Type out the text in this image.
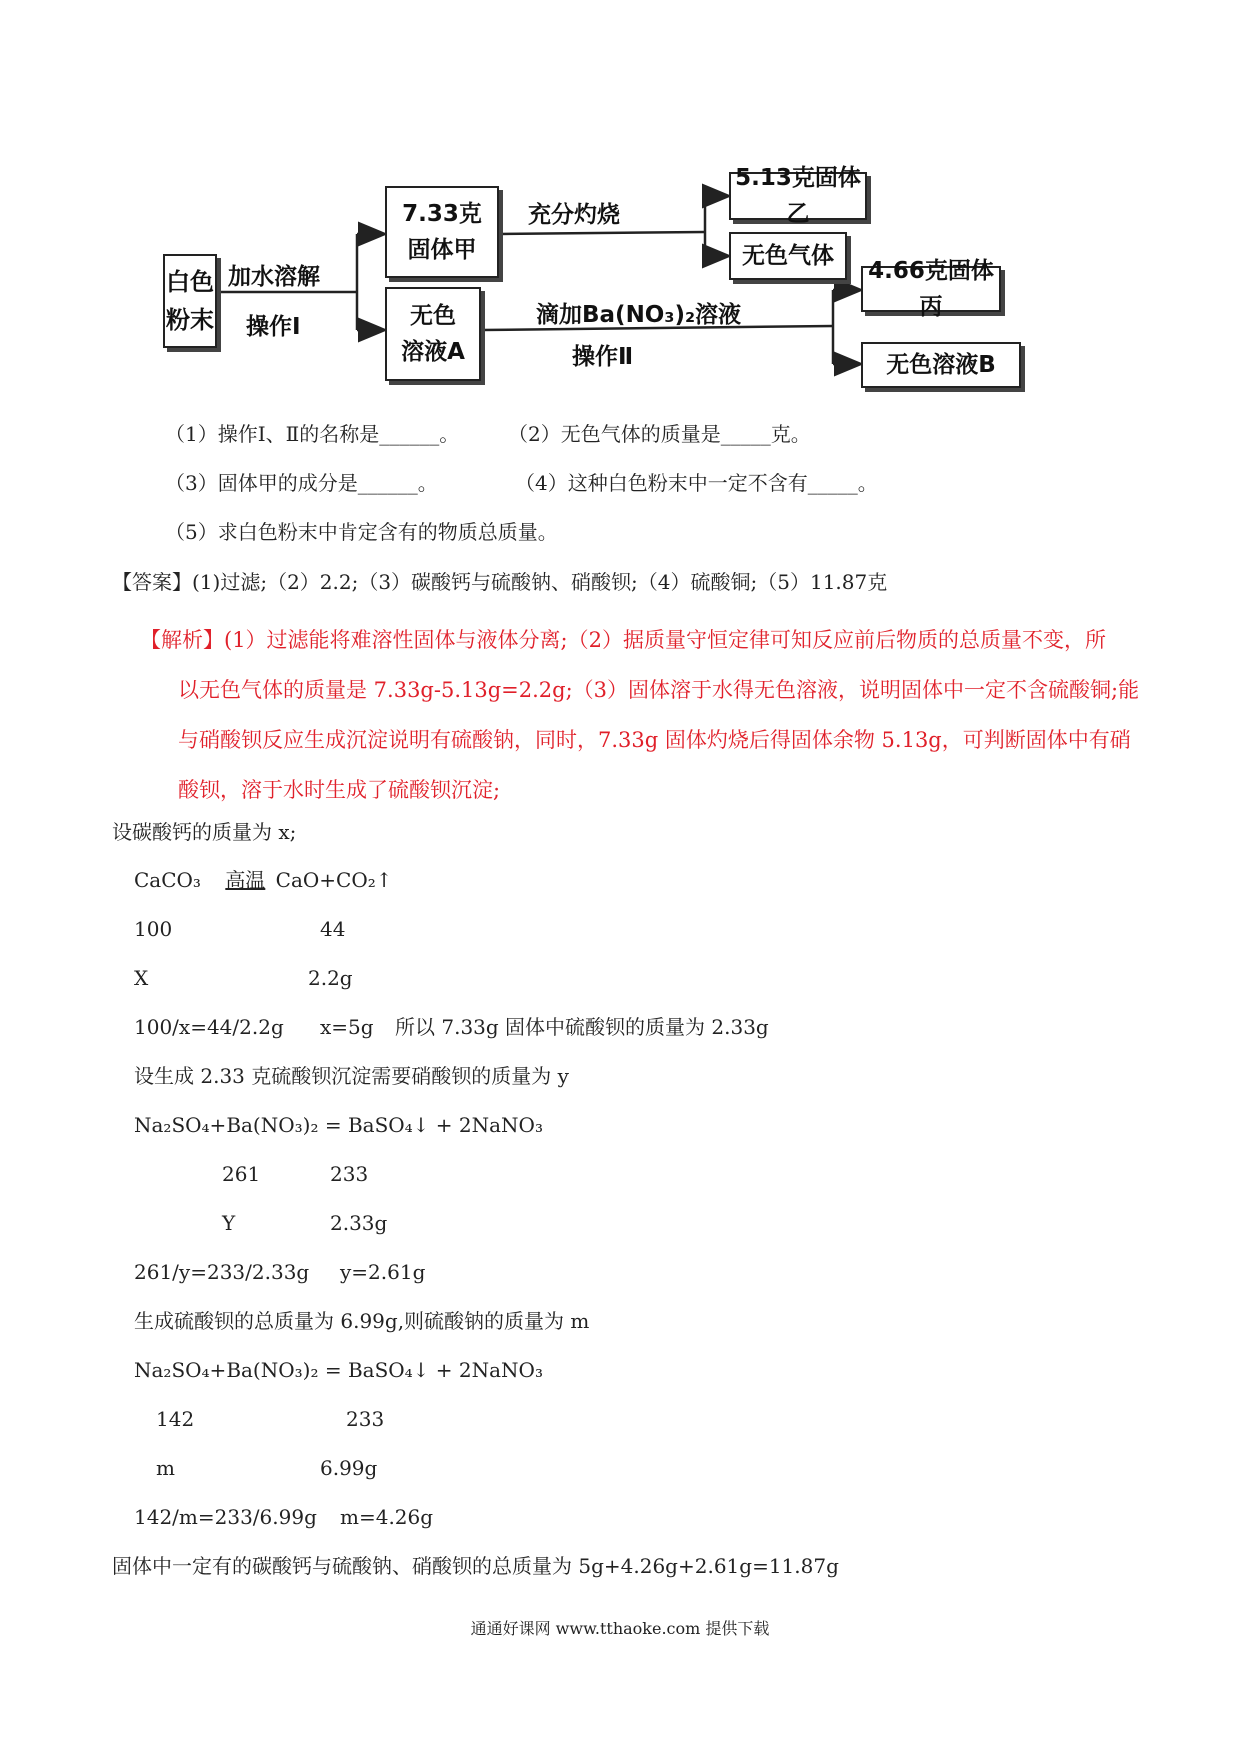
白色粉末
加水溶解
操作Ⅰ
7.33克
固体甲
无色
溶液A
充分灼烧
5.13克固体乙
无色气体
滴加Ba(NO₃)₂溶液
操作Ⅱ
4.66克固体丙
无色溶液B
（1）操作Ⅰ、Ⅱ的名称是______。 （2）无色气体的质量是_____克。
（3）固体甲的成分是______。	（4）这种白色粉末中一定不含有_____。
（5）求白色粉末中肯定含有的物质总质量。
【答案】(1)过滤;（2）2.2;（3）碳酸钙与硫酸钠、硝酸钡;（4）硫酸铜;（5）11.87克
【解析】(1）过滤能将难溶性固体与液体分离;（2）据质量守恒定律可知反应前后物质的总质量不变，所
以无色气体的质量是 7.33g-5.13g=2.2g;（3）固体溶于水得无色溶液，说明固体中一定不含硫酸铜;能
与硝酸钡反应生成沉淀说明有硫酸钠，同时，7.33g 固体灼烧后得固体余物 5.13g，可判断固体中有硝
酸钡，溶于水时生成了硫酸钡沉淀;
设碳酸钙的质量为 x;
CaCO₃ 高温 CaO+CO₂↑
100	44
X	2.2g
100/x=44/2.2g x=5g 所以 7.33g 固体中硫酸钡的质量为 2.33g
设生成 2.33 克硫酸钡沉淀需要硝酸钡的质量为 y
Na₂SO₄+Ba(NO₃)₂ = BaSO₄↓ + 2NaNO₃
261	233
Y	2.33g
261/y=233/2.33g y=2.61g
生成硫酸钡的总质量为 6.99g,则硫酸钠的质量为 m
Na₂SO₄+Ba(NO₃)₂ = BaSO₄↓ + 2NaNO₃
142	233
m	6.99g
142/m=233/6.99g m=4.26g
固体中一定有的碳酸钙与硫酸钠、硝酸钡的总质量为 5g+4.26g+2.61g=11.87g
通通好课网 www.tthaoke.com 提供下载
